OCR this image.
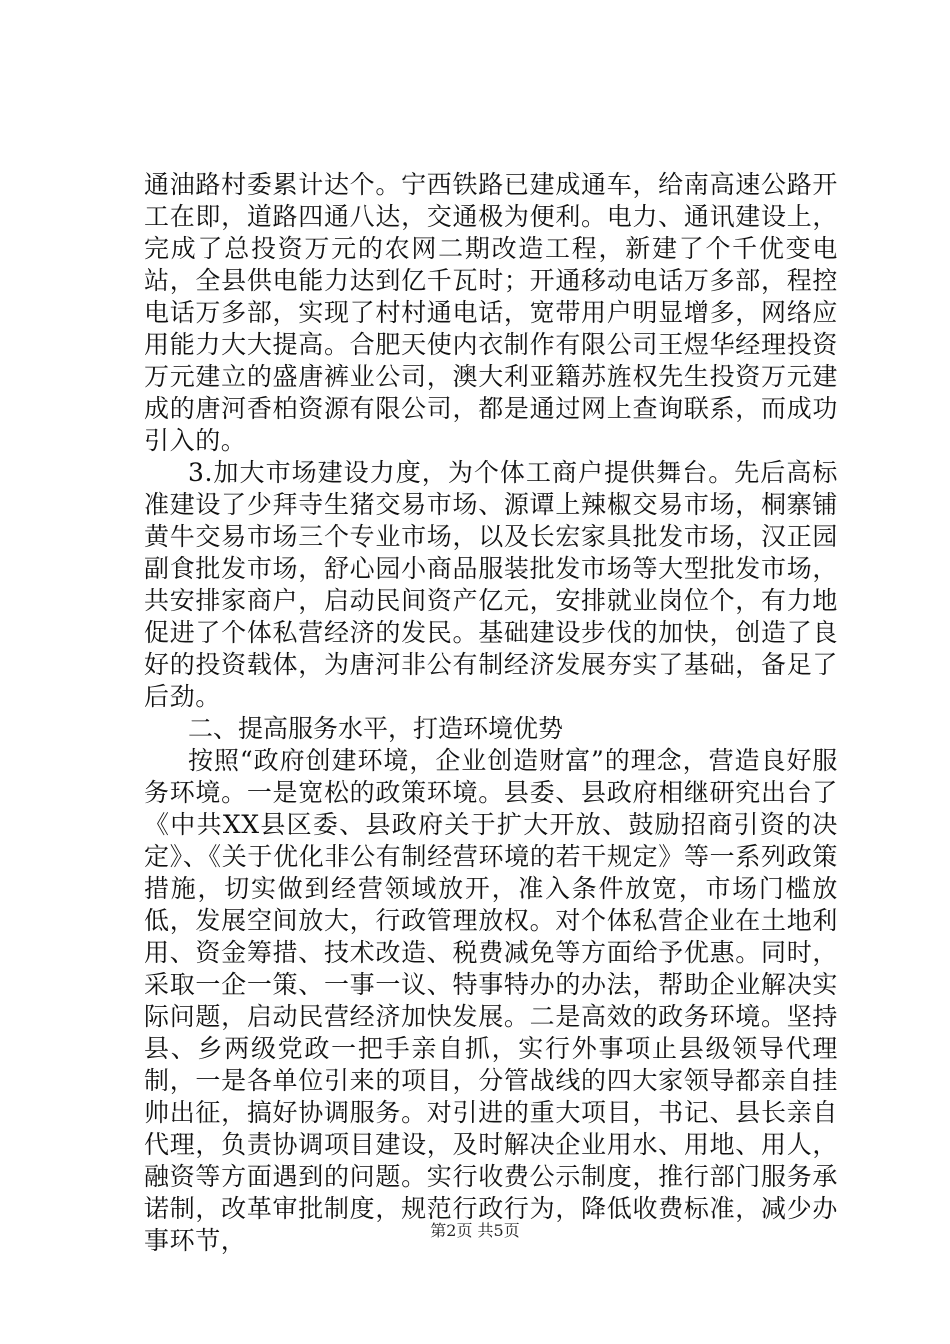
通油路村委累计达个。宁西铁路已建成通车，给南高速公路开工在即，道路四通八达，交通极为便利。电力、通讯建设上，完成了总投资万元的农网二期改造工程，新建了个千优变电站，全县供电能力达到亿千瓦时；开通移动电话万多部，程控电话万多部，实现了村村通电话，宽带用户明显增多，网络应用能力大大提高。合肥天使内衣制作有限公司王煜华经理投资万元建立的盛唐裤业公司，澳大利亚籍苏旌权先生投资万元建成的唐河香柏资源有限公司，都是通过网上查询联系，而成功引入的。

3.加大市场建设力度，为个体工商户提供舞台。先后高标准建设了少拜寺生猪交易市场、源谭上辣椒交易市场，桐寨铺黄牛交易市场三个专业市场，以及长宏家具批发市场，汉正园副食批发市场，舒心园小商品服装批发市场等大型批发市场，共安排家商户，启动民间资产亿元，安排就业岗位个，有力地促进了个体私营经济的发民。基础建设步伐的加快，创造了良好的投资载体，为唐河非公有制经济发展夯实了基础，备足了后劲。

二、提高服务水平，打造环境优势

按照“政府创建环境，企业创造财富”的理念，营造良好服务环境。一是宽松的政策环境。县委、县政府相继研究出台了《中共XX县区委、县政府关于扩大开放、鼓励招商引资的决定》、《关于优化非公有制经营环境的若干规定》等一系列政策措施，切实做到经营领域放开，准入条件放宽，市场门槛放低，发展空间放大，行政管理放权。对个体私营企业在土地利用、资金筹措、技术改造、税费减免等方面给予优惠。同时，采取一企一策、一事一议、特事特办的办法，帮助企业解决实际问题，启动民营经济加快发展。二是高效的政务环境。坚持县、乡两级党政一把手亲自抓，实行外事项止县级领导代理制，一是各单位引来的项目，分管战线的四大家领导都亲自挂帅出征，搞好协调服务。对引进的重大项目，书记、县长亲自代理，负责协调项目建设，及时解决企业用水、用地、用人，融资等方面遇到的问题。实行收费公示制度，推行部门服务承诺制，改革审批制度，规范行政行为，降低收费标准，减少办事环节，	第2页 共5页
